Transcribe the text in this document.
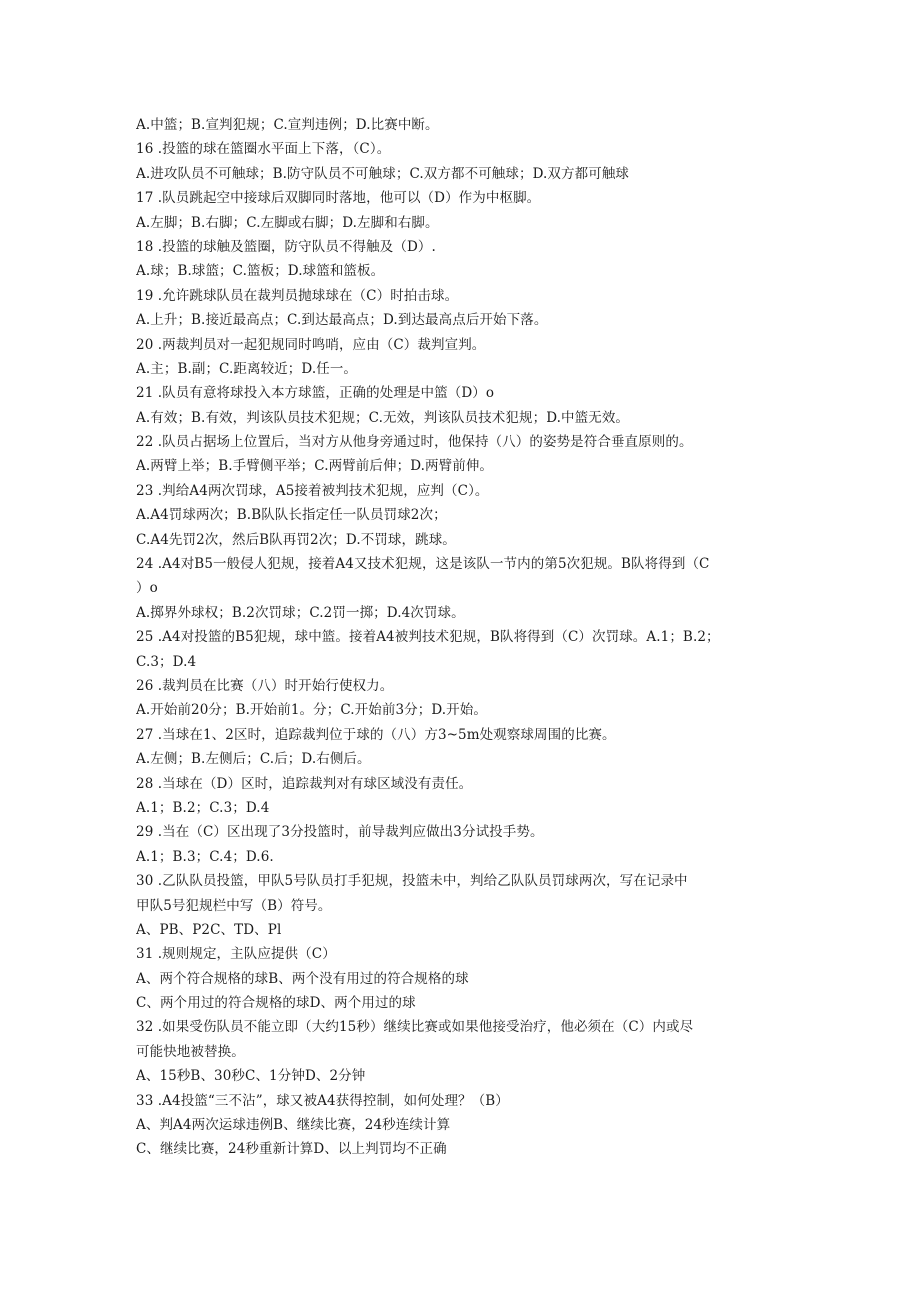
A.中篮；B.宣判犯规；C.宣判违例；D.比赛中断。
16 .投篮的球在篮圈水平面上下落，（C）。
A.进攻队员不可触球；B.防守队员不可触球；C.双方都不可触球；D.双方都可触球
17 .队员跳起空中接球后双脚同时落地，他可以（D）作为中枢脚。
A.左脚；B.右脚；C.左脚或右脚；D.左脚和右脚。
18 .投篮的球触及篮圈，防守队员不得触及（D）.
A.球；B.球篮；C.篮板；D.球篮和篮板。
19 .允许跳球队员在裁判员抛球球在（C）时拍击球。
A.上升；B.接近最高点；C.到达最高点；D.到达最高点后开始下落。
20 .两裁判员对一起犯规同时鸣哨，应由（C）裁判宣判。
A.主；B.副；C.距离较近；D.任一。
21 .队员有意将球投入本方球篮，正确的处理是中篮（D）o
A.有效；B.有效，判该队员技术犯规；C.无效，判该队员技术犯规；D.中篮无效。
22 .队员占据场上位置后，当对方从他身旁通过时，他保持（八）的姿势是符合垂直原则的。
A.两臂上举；B.手臂侧平举；C.两臂前后伸；D.两臂前伸。
23 .判给A4两次罚球，A5接着被判技术犯规，应判（C）。
A.A4罚球两次；B.B队队长指定任一队员罚球2次；
C.A4先罚2次，然后B队再罚2次；D.不罚球，跳球。
24 .A4对B5一般侵人犯规，接着A4又技术犯规，这是该队一节内的第5次犯规。B队将得到（C
）o
A.掷界外球权；B.2次罚球；C.2罚一掷；D.4次罚球。
25 .A4对投篮的B5犯规，球中篮。接着A4被判技术犯规，B队将得到（C）次罚球。A.1；B.2；
C.3；D.4
26 .裁判员在比赛（八）时开始行使权力。
A.开始前20分；B.开始前1。分；C.开始前3分；D.开始。
27 .当球在1、2区时，追踪裁判位于球的（八）方3~5m处观察球周围的比赛。
A.左侧；B.左侧后；C.后；D.右侧后。
28 .当球在（D）区时，追踪裁判对有球区域没有责任。
A.1；B.2；C.3；D.4
29 .当在（C）区出现了3分投篮时，前导裁判应做出3分试投手势。
A.1；B.3；C.4；D.6.
30 .乙队队员投篮，甲队5号队员打手犯规，投篮未中，判给乙队队员罚球两次，写在记录中
甲队5号犯规栏中写（B）符号。
A、PB、P2C、TD、Pl
31 .规则规定，主队应提供（C）
A、两个符合规格的球B、两个没有用过的符合规格的球
C、两个用过的符合规格的球D、两个用过的球
32 .如果受伤队员不能立即（大约15秒）继续比赛或如果他接受治疗，他必须在（C）内或尽
可能快地被替换。
A、15秒B、30秒C、1分钟D、2分钟
33 .A4投篮“三不沾”，球又被A4获得控制，如何处理？（B）
A、判A4两次运球违例B、继续比赛，24秒连续计算
C、继续比赛，24秒重新计算D、以上判罚均不正确
